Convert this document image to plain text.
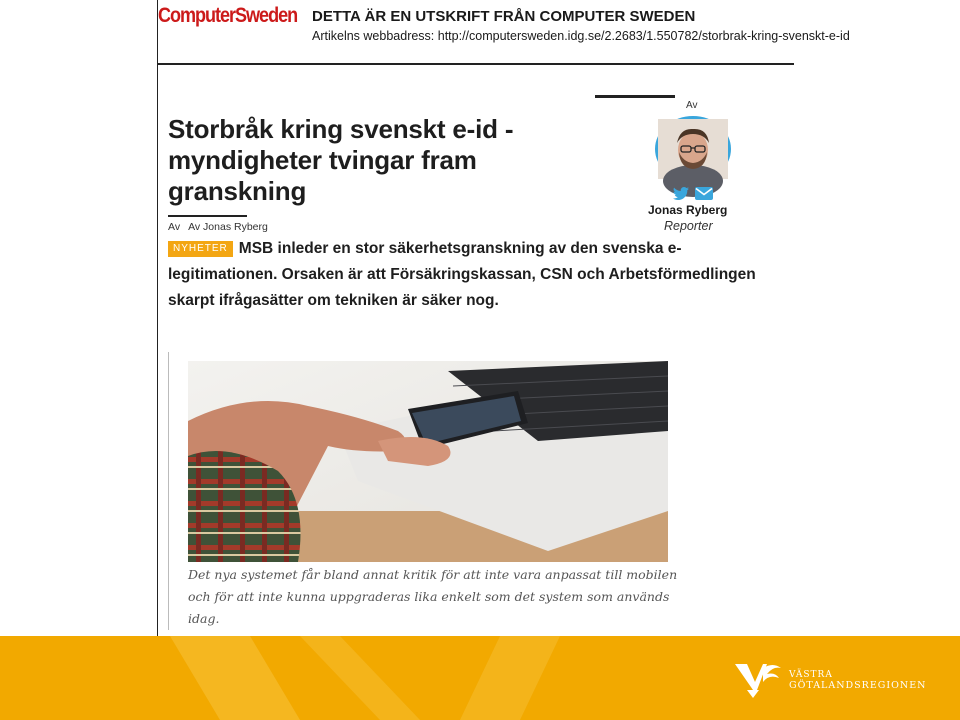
ComputerSweden DETTA ÄR EN UTSKRIFT FRÅN COMPUTER SWEDEN
Artikelns webbadress: http://computersweden.idg.se/2.2683/1.550782/storbrak-kring-svenskt-e-id
Av
Jonas Ryberg
Reporter
Storbråk kring svenskt e-id - myndigheter tvingar fram granskning
Av Av Jonas Ryberg

NYHETER MSB inleder en stor säkerhetsgranskning av den svenska e-legitimationen. Orsaken är att Försäkringskassan, CSN och Arbetsförmedlingen skarpt ifrågasätter om tekniken är säker nog.

Det nya systemet får bland annat kritik för att inte vara anpassat till mobilen och för att inte kunna uppgraderas lika enkelt som det system som används idag.

VÄSTRA
GÖTALANDSREGIONEN
